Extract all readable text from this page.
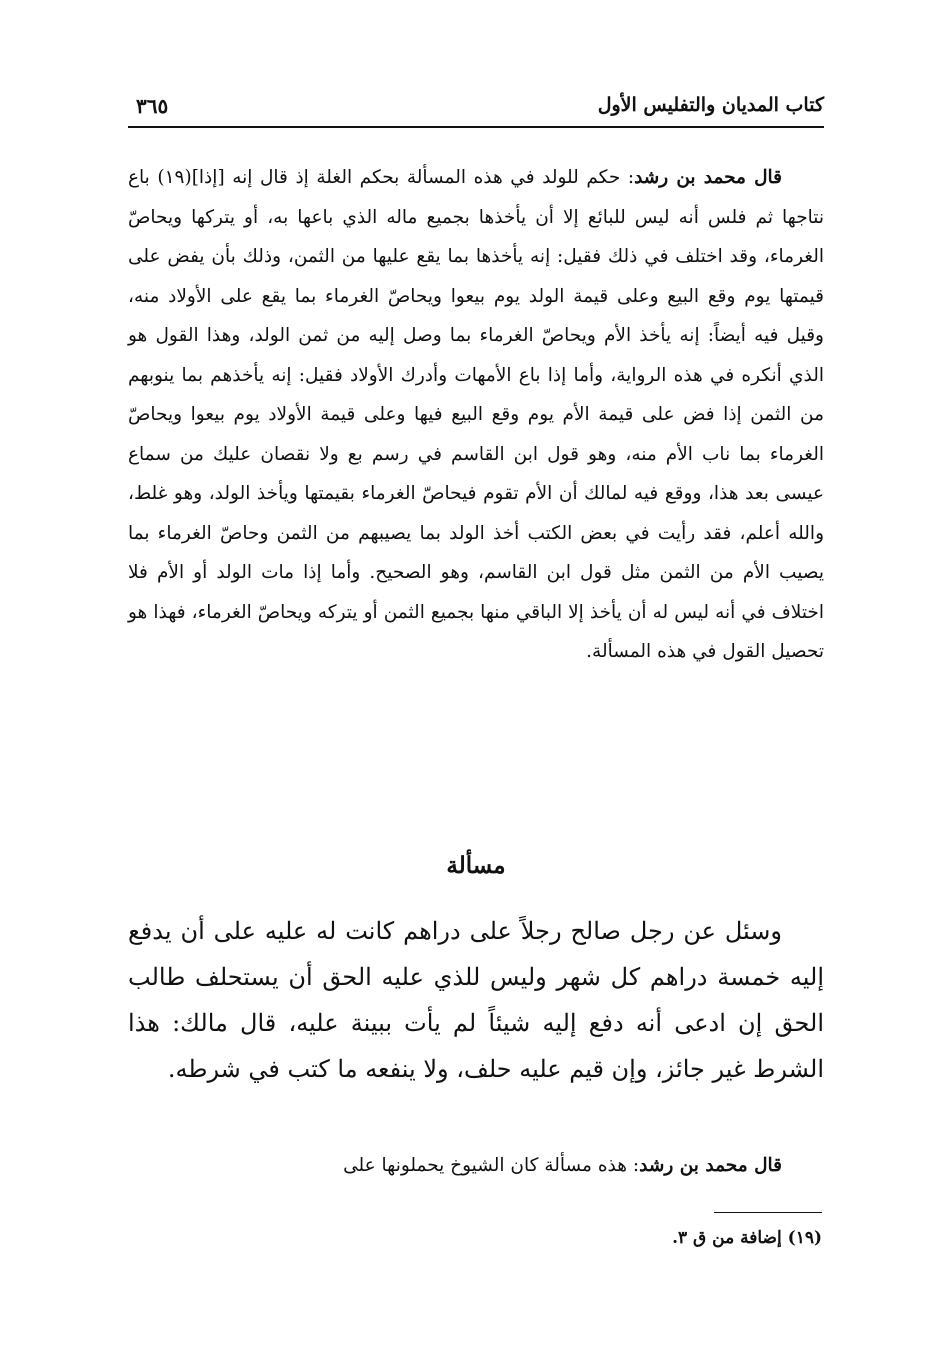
كتاب المديان والتفليس الأول
٣٦٥
قال محمد بن رشد: حكم للولد في هذه المسألة بحكم الغلة إذ قال إنه [إذا](١٩) باع نتاجها ثم فلس أنه ليس للبائع إلا أن يأخذها بجميع ماله الذي باعها به، أو يتركها ويحاصّ الغرماء، وقد اختلف في ذلك فقيل: إنه يأخذها بما يقع عليها من الثمن، وذلك بأن يفض على قيمتها يوم وقع البيع وعلى قيمة الولد يوم بيعوا ويحاصّ الغرماء بما يقع على الأولاد منه، وقيل فيه أيضاً: إنه يأخذ الأم ويحاصّ الغرماء بما وصل إليه من ثمن الولد، وهذا القول هو الذي أنكره في هذه الرواية، وأما إذا باع الأمهات وأدرك الأولاد فقيل: إنه يأخذهم بما ينوبهم من الثمن إذا فض على قيمة الأم يوم وقع البيع فيها وعلى قيمة الأولاد يوم بيعوا ويحاصّ الغرماء بما ناب الأم منه، وهو قول ابن القاسم في رسم بع ولا نقصان عليك من سماع عيسى بعد هذا، ووقع فيه لمالك أن الأم تقوم فيحاصّ الغرماء بقيمتها ويأخذ الولد، وهو غلط، والله أعلم، فقد رأيت في بعض الكتب أخذ الولد بما يصيبهم من الثمن وحاصّ الغرماء بما يصيب الأم من الثمن مثل قول ابن القاسم، وهو الصحيح. وأما إذا مات الولد أو الأم فلا اختلاف في أنه ليس له أن يأخذ إلا الباقي منها بجميع الثمن أو يتركه ويحاصّ الغرماء، فهذا هو تحصيل القول في هذه المسألة.
مسألة
وسئل عن رجل صالح رجلاً على دراهم كانت له عليه على أن يدفع إليه خمسة دراهم كل شهر وليس للذي عليه الحق أن يستحلف طالب الحق إن ادعى أنه دفع إليه شيئاً لم يأت ببينة عليه، قال مالك: هذا الشرط غير جائز، وإن قيم عليه حلف، ولا ينفعه ما كتب في شرطه.
قال محمد بن رشد: هذه مسألة كان الشيوخ يحملونها على
(١٩) إضافة من ق ٣.
